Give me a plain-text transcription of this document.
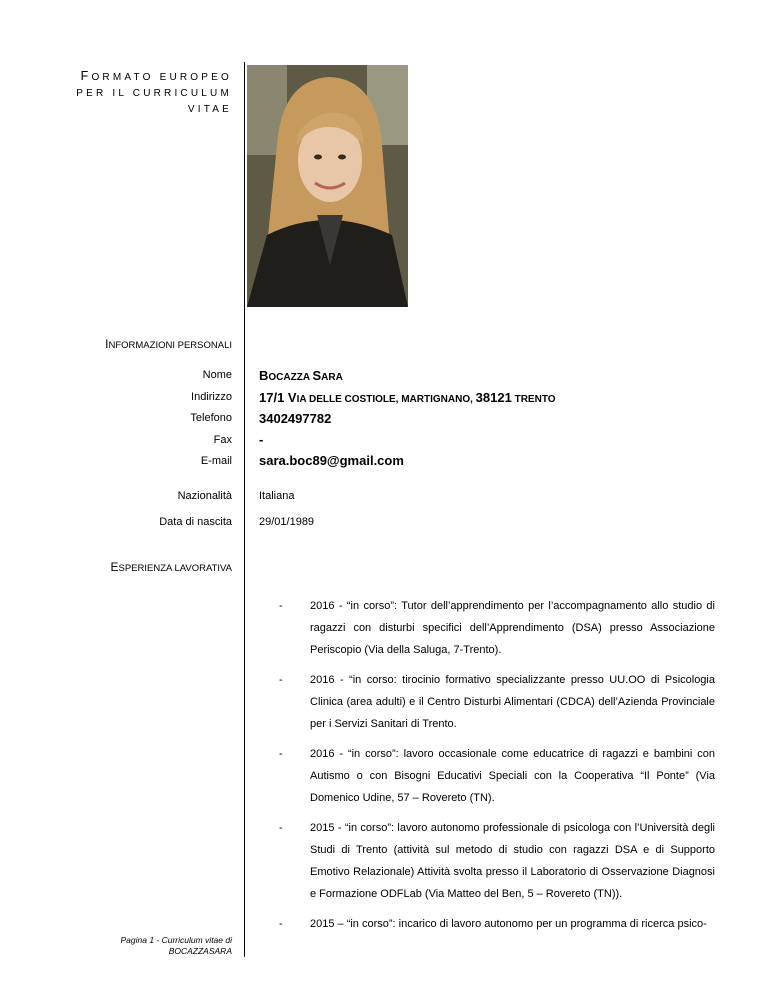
FORMATO EUROPEO
PER IL CURRICULUM
VITAE
INFORMAZIONI PERSONALI
Nome BOCAZZA SARA
Indirizzo 17/1 VIA DELLE COSTIOLE, MARTIGNANO, 38121 TRENTO
Telefono 3402497782
Fax -
E-mail sara.boc89@gmail.com
Nazionalità Italiana
Data di nascita 29/01/1989
ESPERIENZA LAVORATIVA
-	2016 - “in corso”: Tutor dell’apprendimento per l’accompagnamento allo studio di ragazzi con disturbi specifici dell’Apprendimento (DSA) presso Associazione Periscopio (Via della Saluga, 7-Trento).
-	2016 - “in corso: tirocinio formativo specializzante presso UU.OO di Psicologia Clinica (area adulti) e il Centro Disturbi Alimentari (CDCA) dell’Azienda Provinciale per i Servizi Sanitari di Trento.
-	2016 - “in corso”: lavoro occasionale come educatrice di ragazzi e bambini con Autismo o con Bisogni Educativi Speciali con la Cooperativa “Il Ponte” (Via Domenico Udine, 57 – Rovereto (TN).
-	2015 - “in corso”: lavoro autonomo professionale di psicologa con l’Università degli Studi di Trento (attività sul metodo di studio con ragazzi DSA e di Supporto Emotivo Relazionale) Attività svolta presso il Laboratorio di Osservazione Diagnosi e Formazione ODFLab (Via Matteo del Ben, 5 – Rovereto (TN)).
-	2015 – “in corso”: incarico di lavoro autonomo per un programma di ricerca psico-
Pagina 1 - Curriculum vitae di
BOCAZZASARA
